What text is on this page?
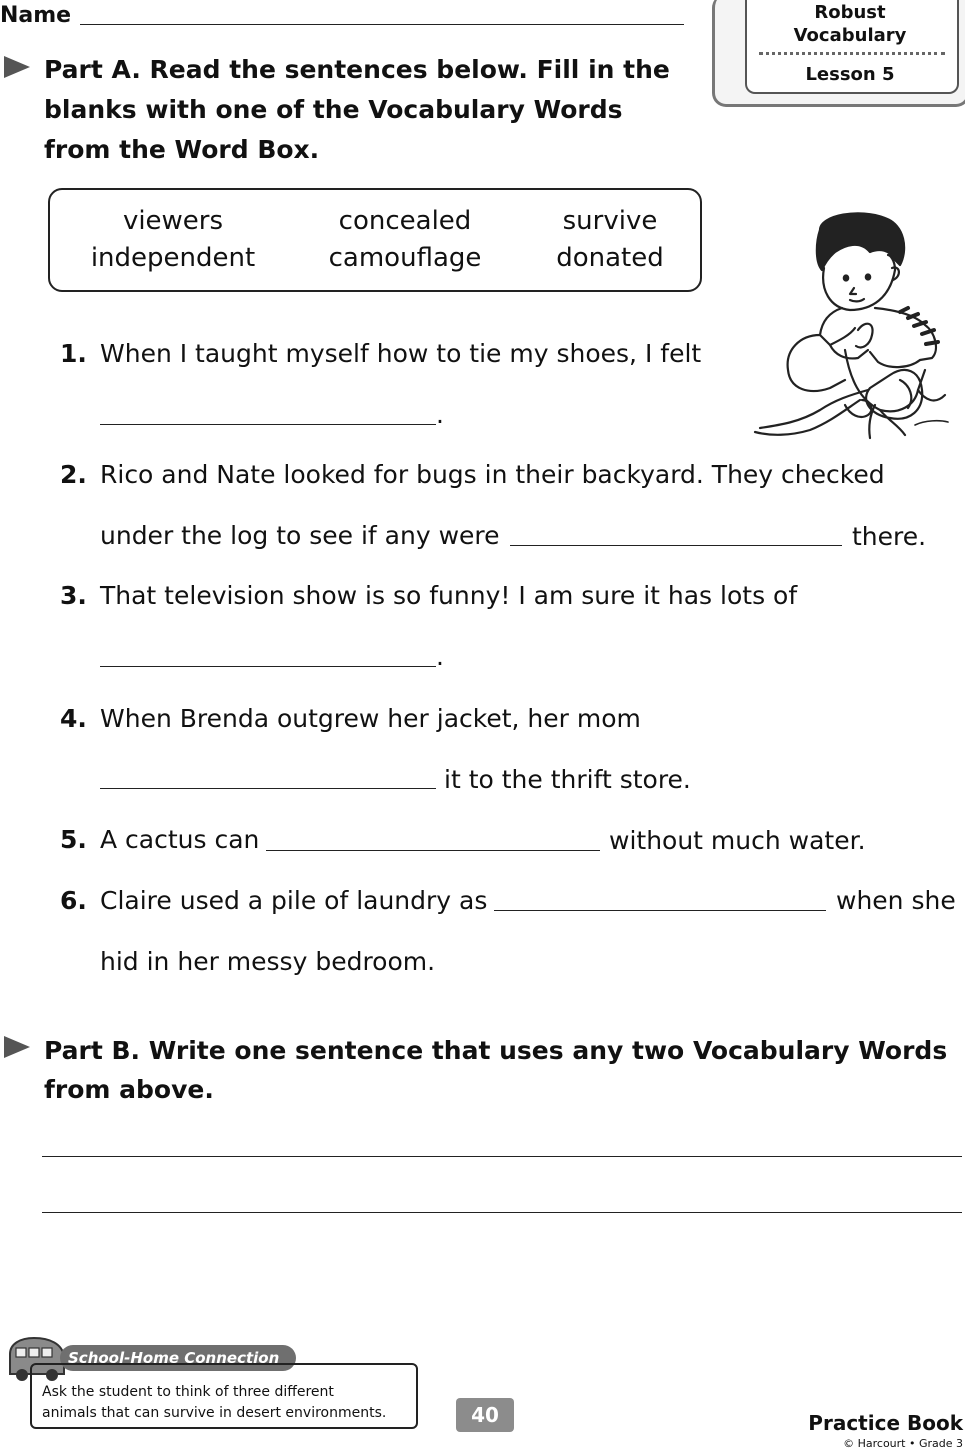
Name	Robust
Vocabulary
Lesson 5
Part A. Read the sentences below. Fill in the
blanks with one of the Vocabulary Words
from the Word Box.
viewers	concealed	survive
independent	camouflage	donated
1. When I taught myself how to tie my shoes, I felt
.
2. Rico and Nate looked for bugs in their backyard. They checked
under the log to see if any were	there.
3. That television show is so funny! I am sure it has lots of
.
4. When Brenda outgrew her jacket, her mom
it to the thrift store.
5. A cactus can	without much water.
6. Claire used a pile of laundry as	when she
hid in her messy bedroom.
Part B. Write one sentence that uses any two Vocabulary Words
from above.
School-Home Connection
Ask the student to think of three different
animals that can survive in desert environments.	40	Practice Book
© Harcourt • Grade 3
